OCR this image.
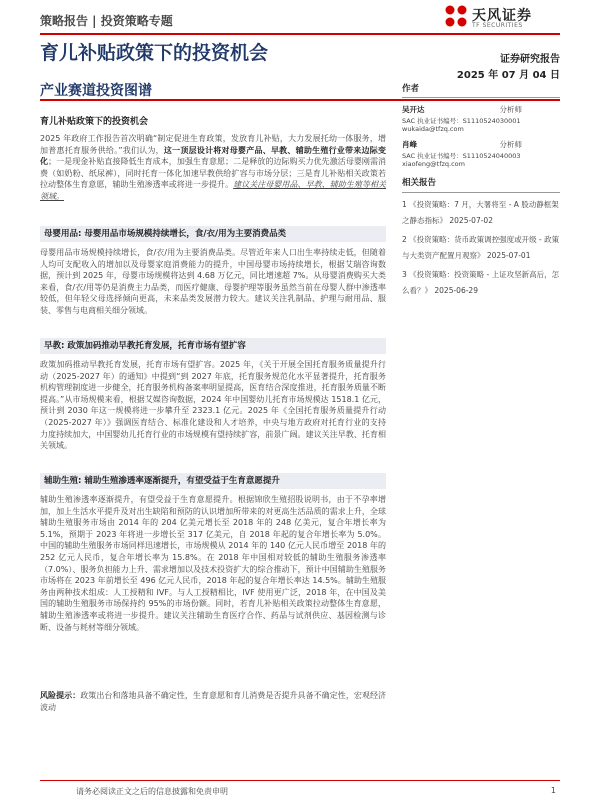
策略报告 | 投资策略专题	天风证券
TF SECURITIES
育儿补贴政策下的投资机会	证券研究报告
2025 年 07 月 04 日
产业赛道投资图谱
育儿补贴政策下的投资机会

2025 年政府工作报告首次明确“制定促进生育政策，发放育儿补贴，大力发展托幼一体服务，增加普惠托育服务供给。”我们认为，这一顶层设计将对母婴产品、早教、辅助生殖行业带来边际变化；一是现金补贴直接降低生育成本，加强生育意愿；二是释放的边际购买力优先激活母婴刚需消费（如奶粉、纸尿裤），同时托育一体化加速早教供给扩容与市场分层；三是育儿补贴相关政策若拉动整体生育意愿，辅助生殖渗透率或将进一步提升。建议关注母婴用品、早教、辅助生殖等相关领域。

母婴用品: 母婴用品市场规模持续增长，食/衣/用为主要消费品类
母婴用品市场规模持续增长，食/衣/用为主要消费品类。尽管近年来人口出生率持续走低，但随着人均可支配收入的增加以及母婴家庭消费能力的提升，中国母婴市场持续增长，根据艾瑞咨询数据，预计到 2025 年，母婴市场规模将达到 4.68 万亿元，同比增速超 7%。从母婴消费购买大类来看，食/衣/用等仍是消费主力品类，而医疗健康、母婴护理等服务虽然当前在母婴人群中渗透率较低，但年轻父母选择倾向更高，未来品类发展潜力较大。建议关注乳制品、护理与耐用品、服装、零售与电商相关细分领域。
早教: 政策加码推动早教托育发展，托育市场有望扩容
政策加码推动早教托育发展，托育市场有望扩容。2025 年，《关于开展全国托育服务质量提升行动（2025-2027 年）的通知》中提到“到 2027 年底，托育服务规范化水平显著提升，托育服务机构管理制度进一步健全，托育服务机构备案率明显提高，医育结合深度推进，托育服务质量不断提高。”从市场规模来看，根据艾媒咨询数据，2024 年中国婴幼儿托育市场规模达 1518.1 亿元，预计到 2030 年这一规模将进一步攀升至 2323.1 亿元。2025 年《全国托育服务质量提升行动（2025-2027 年）》强调医育结合、标准化建设和人才培养，中央与地方政府对托育行业的支持力度持续加大，中国婴幼儿托育行业的市场规模有望持续扩容，前景广阔。建议关注早教、托育相关领域。
辅助生殖: 辅助生殖渗透率逐渐提升，有望受益于生育意愿提升
辅助生殖渗透率逐渐提升，有望受益于生育意愿提升。根据锦欣生殖招股说明书，由于不孕率增加，加上生活水平提升及对出生缺陷和预防的认识增加所带来的对更高生活品质的需求上升，全球辅助生殖服务市场由 2014 年的 204 亿美元增长至 2018 年的 248 亿美元，复合年增长率为 5.1%，预期于 2023 年将进一步增长至 317 亿美元，自 2018 年起的复合年增长率为 5.0%。中国的辅助生殖服务市场同样迅速增长，市场规模从 2014 年的 140 亿元人民币增至 2018 年的 252 亿元人民币，复合年增长率为 15.8%。在 2018 年中国相对较低的辅助生殖服务渗透率（7.0%）、服务负担能力上升、需求增加以及技术投资扩大的综合推动下，预计中国辅助生殖服务市场将在 2023 年前增长至 496 亿元人民币，2018 年起的复合年增长率达 14.5%。辅助生殖服务由两种技术组成：人工授精和 IVF。与人工授精相比，IVF 使用更广泛，2018 年，在中国及美国的辅助生殖服务市场保持约 95%的市场份额。同时，若育儿补贴相关政策拉动整体生育意愿，辅助生殖渗透率或将进一步提升。建议关注辅助生育医疗合作、药品与试剂供应、基因检测与诊断、设备与耗材等细分领域。

风险提示：政策出台和落地具备不确定性，生育意愿和育儿消费是否提升具备不确定性，宏观经济波动

作者
吴开达	分析师
SAC 执业证书编号：S1110524030001
wukaida@tfzq.com
肖峰	分析师
SAC 执业证书编号：S1110524040003
xiaofeng@tfzq.com
相关报告

1 《投资策略：7 月，大署将至 - A 股动静框架之静态指标》 2025-07-02

2 《投资策略：货币政策调控强度或开级 - 政策与大类资产配置月观察》 2025-07-01

3 《投资策略：投资策略 - 上证攻坚新高后，怎么看？》 2025-06-29

请务必阅读正文之后的信息披露和免责申明	1
